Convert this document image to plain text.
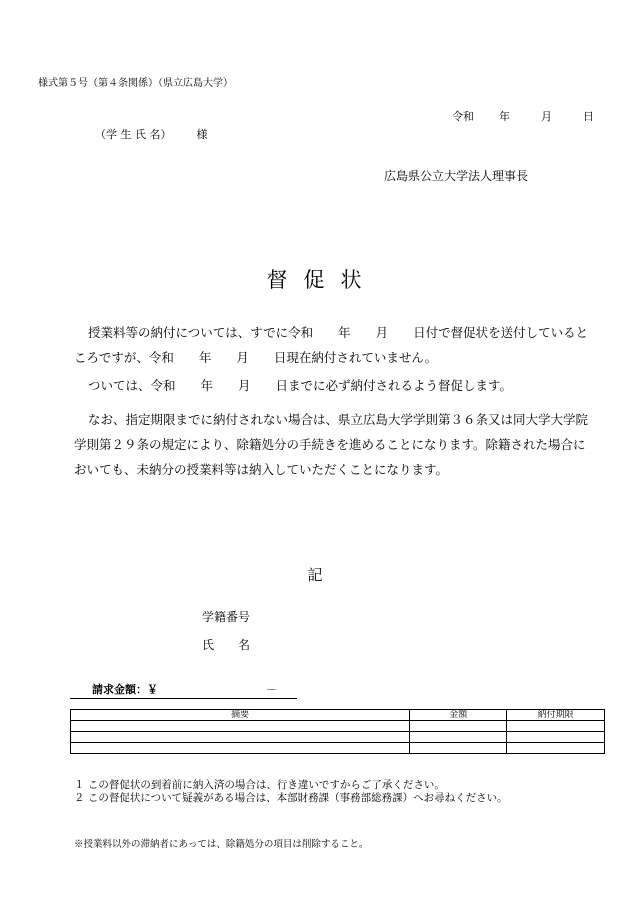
様式第５号（第４条関係）（県立広島大学）
令和 年	月	日
（学 生 氏 名） 様
広島県公立大学法人理事長
督促状
授業料等の納付については、すでに令和　　年　　月　　日付で督促状を送付しているところですが、令和　　年　　月　　日現在納付されていません。
ついては、令和　　年　　月　　日までに必ず納付されるよう督促します。
なお、指定期限までに納付されない場合は、県立広島大学学則第３６条又は同大学大学院学則第２９条の規定により、除籍処分の手続きを進めることになります。除籍された場合においても、未納分の授業料等は納入していただくことになります。
記
学籍番号
氏　　名
請求金額：￥	－
摘要	金額	納付期限

１ この督促状の到着前に納入済の場合は、行き違いですからご了承ください。
２ この督促状について疑義がある場合は、本部財務課（事務部総務課）へお尋ねください。
※授業料以外の滞納者にあっては、除籍処分の項目は削除すること。
